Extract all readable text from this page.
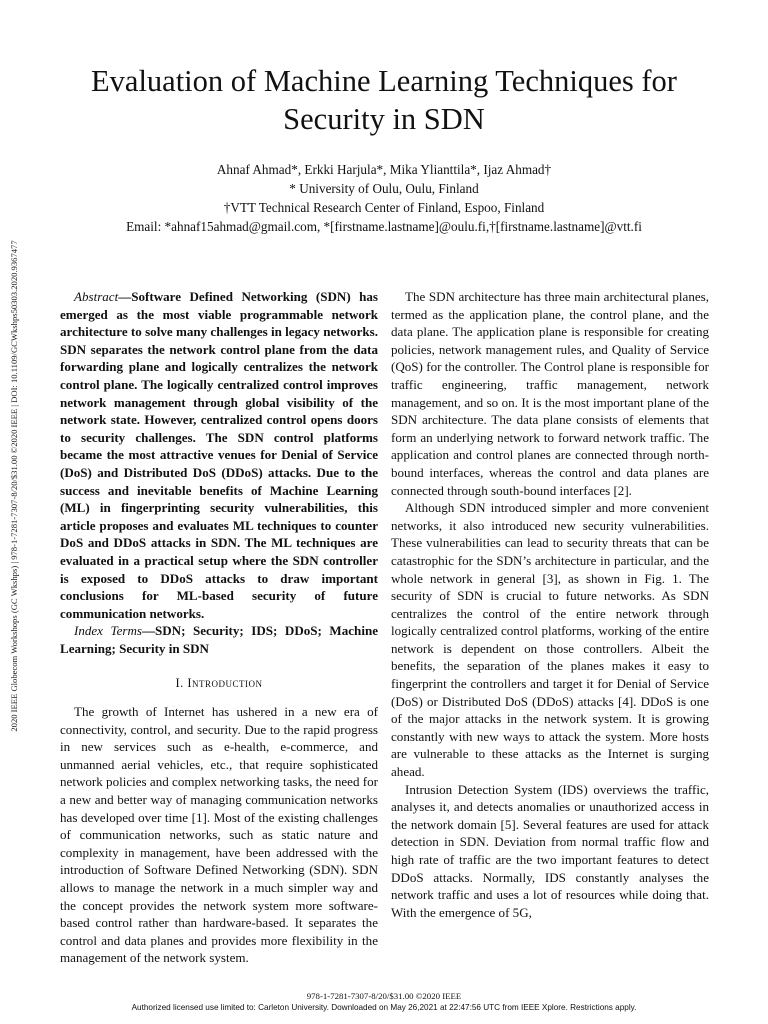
Evaluation of Machine Learning Techniques for
Security in SDN
Ahnaf Ahmad*, Erkki Harjula*, Mika Ylianttila*, Ijaz Ahmad†
* University of Oulu, Oulu, Finland
†VTT Technical Research Center of Finland, Espoo, Finland
Email: *ahnaf15ahmad@gmail.com, *[firstname.lastname]@oulu.fi,†[firstname.lastname]@vtt.fi
2020 IEEE Globecom Workshops (GC Wkshps) | 978-1-7281-7307-8/20/$31.00 ©2020 IEEE | DOI: 10.1109/GCWkshps50303.2020.9367477	Abstract—Software Defined Networking (SDN) has emerged as the most viable programmable network architecture to solve many challenges in legacy networks. SDN separates the network control plane from the data forwarding plane and logically centralizes the network control plane. The logically centralized control improves network management through global visibility of the network state. However, centralized control opens doors to security challenges. The SDN control platforms became the most attractive venues for Denial of Service (DoS) and Distributed DoS (DDoS) attacks. Due to the success and inevitable benefits of Machine Learning (ML) in fingerprinting security vulnerabilities, this article proposes and evaluates ML techniques to counter DoS and DDoS attacks in SDN. The ML techniques are evaluated in a practical setup where the SDN controller is exposed to DDoS attacks to draw important conclusions for ML-based security of future communication networks.

Index Terms—SDN; Security; IDS; DDoS; Machine Learning; Security in SDN

I. Introduction

The growth of Internet has ushered in a new era of connectivity, control, and security. Due to the rapid progress in new services such as e-health, e-commerce, and unmanned aerial vehicles, etc., that require sophisticated network policies and complex networking tasks, the need for a new and better way of managing communication networks has developed over time [1]. Most of the existing challenges of communication networks, such as static nature and complexity in management, have been addressed with the introduction of Software Defined Networking (SDN). SDN allows to manage the network in a much simpler way and the concept provides the network system more software-based control rather than hardware-based. It separates the control and data planes and provides more flexibility in the management of the network system.

The SDN architecture has three main architectural planes, termed as the application plane, the control plane, and the data plane. The application plane is responsible for creating policies, network management rules, and Quality of Service (QoS) for the controller. The Control plane is responsible for traffic engineering, traffic management, network management, and so on. It is the most important plane of the SDN architecture. The data plane consists of elements that form an underlying network to forward network traffic. The application and control planes are connected through north-bound interfaces, whereas the control and data planes are connected through south-bound interfaces [2].

Although SDN introduced simpler and more convenient networks, it also introduced new security vulnerabilities. These vulnerabilities can lead to security threats that can be catastrophic for the SDN’s architecture in particular, and the whole network in general [3], as shown in Fig. 1. The security of SDN is crucial to future networks. As SDN centralizes the control of the entire network through logically centralized control platforms, working of the entire network is dependent on those controllers. Albeit the benefits, the separation of the planes makes it easy to fingerprint the controllers and target it for Denial of Service (DoS) or Distributed DoS (DDoS) attacks [4]. DDoS is one of the major attacks in the network system. It is growing constantly with new ways to attack the system. More hosts are vulnerable to these attacks as the Internet is surging ahead.

Intrusion Detection System (IDS) overviews the traffic, analyses it, and detects anomalies or unauthorized access in the network domain [5]. Several features are used for attack detection in SDN. Deviation from normal traffic flow and high rate of traffic are the two important features to detect DDoS attacks. Normally, IDS constantly analyses the network traffic and uses a lot of resources while doing that. With the emergence of 5G,

978-1-7281-7307-8/20/$31.00 ©2020 IEEE
Authorized licensed use limited to: Carleton University. Downloaded on May 26,2021 at 22:47:56 UTC from IEEE Xplore. Restrictions apply.
